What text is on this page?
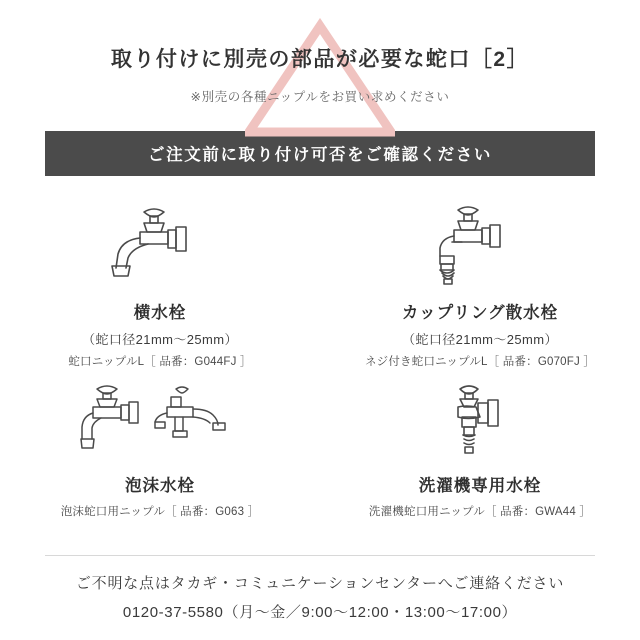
取り付けに別売の部品が必要な蛇口［2］
※別売の各種ニップルをお買い求めください
ご注文前に取り付け可否をご確認ください
横水栓
（蛇口径21mm〜25mm）
蛇口ニップルL［ 品番：G044FJ ］
カップリング散水栓
（蛇口径21mm〜25mm）
ネジ付き蛇口ニップルL［ 品番：G070FJ ］
泡沫水栓
泡沫蛇口用ニップル［ 品番：G063 ］
洗濯機専用水栓
洗濯機蛇口用ニップル［ 品番：GWA44 ］
ご不明な点はタカギ・コミュニケーションセンターへご連絡ください
0120-37-5580（月〜金／9:00〜12:00・13:00〜17:00）
